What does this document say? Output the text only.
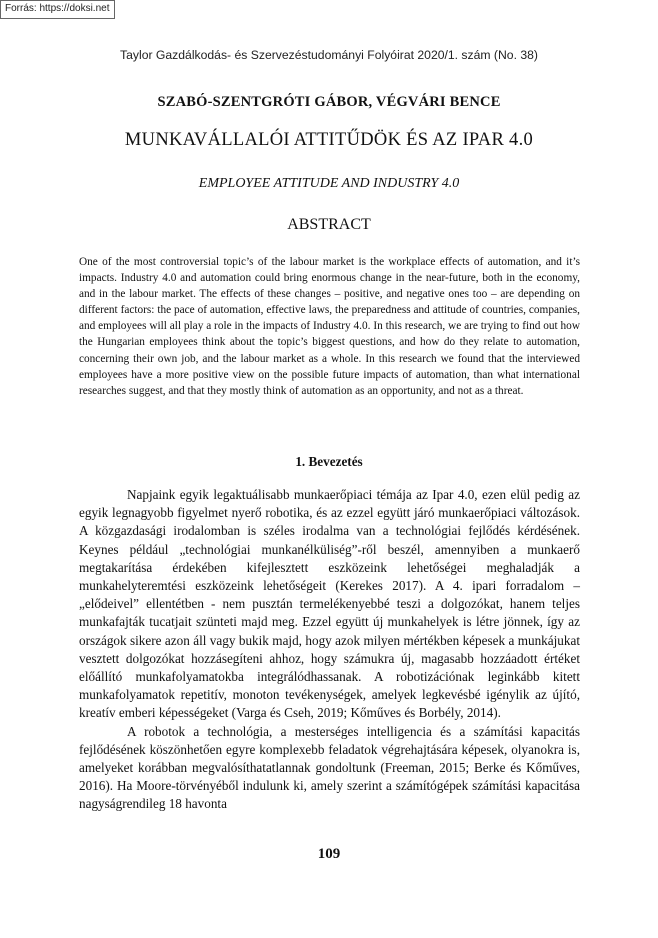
Forrás: https://doksi.net
Taylor Gazdálkodás- és Szervezéstudományi Folyóirat 2020/1. szám (No. 38)
SZABÓ-SZENTGRÓTI GÁBOR, VÉGVÁRI BENCE
MUNKAVÁLLALÓI ATTITŰDÖK ÉS AZ IPAR 4.0
EMPLOYEE ATTITUDE AND INDUSTRY 4.0
ABSTRACT

One of the most controversial topic’s of the labour market is the workplace effects of automation, and it’s impacts. Industry 4.0 and automation could bring enormous change in the near-future, both in the economy, and in the labour market. The effects of these changes – positive, and negative ones too – are depending on different factors: the pace of automation, effective laws, the preparedness and attitude of countries, companies, and employees will all play a role in the impacts of Industry 4.0. In this research, we are trying to find out how the Hungarian employees think about the topic’s biggest questions, and how do they relate to automation, concerning their own job, and the labour market as a whole. In this research we found that the interviewed employees have a more positive view on the possible future impacts of automation, than what international researches suggest, and that they mostly think of automation as an opportunity, and not as a threat.

1. Bevezetés

Napjaink egyik legaktuálisabb munkaerőpiaci témája az Ipar 4.0, ezen elül pedig az egyik legnagyobb figyelmet nyerő robotika, és az ezzel együtt járó munkaerőpiaci változások. A közgazdasági irodalomban is széles irodalma van a technológiai fejlődés kérdésének. Keynes például „technológiai munkanélküliség”-ről beszél, amennyiben a munkaerő megtakarítása érdekében kifejlesztett eszközeink lehetőségei meghaladják a munkahelyteremtési eszközeink lehetőségeit (Kerekes 2017). A 4. ipari forradalom – „elődeivel” ellentétben - nem pusztán termelékenyebbé teszi a dolgozókat, hanem teljes munkafajták tucatjait szünteti majd meg. Ezzel együtt új munkahelyek is létre jönnek, így az országok sikere azon áll vagy bukik majd, hogy azok milyen mértékben képesek a munkájukat vesztett dolgozókat hozzásegíteni ahhoz, hogy számukra új, magasabb hozzáadott értéket előállító munkafolyamatokba integrálódhassanak. A robotizációnak leginkább kitett munkafolyamatok repetitív, monoton tevékenységek, amelyek legkevésbé igénylik az újító, kreatív emberi képességeket (Varga és Cseh, 2019; Kőműves és Borbély, 2014).

A robotok a technológia, a mesterséges intelligencia és a számítási kapacitás fejlődésének köszönhetően egyre komplexebb feladatok végrehajtására képesek, olyanokra is, amelyeket korábban megvalósíthatatlannak gondoltunk (Freeman, 2015; Berke és Kőműves, 2016). Ha Moore-törvényéből indulunk ki, amely szerint a számítógépek számítási kapacitása nagyságrendileg 18 havonta

109
